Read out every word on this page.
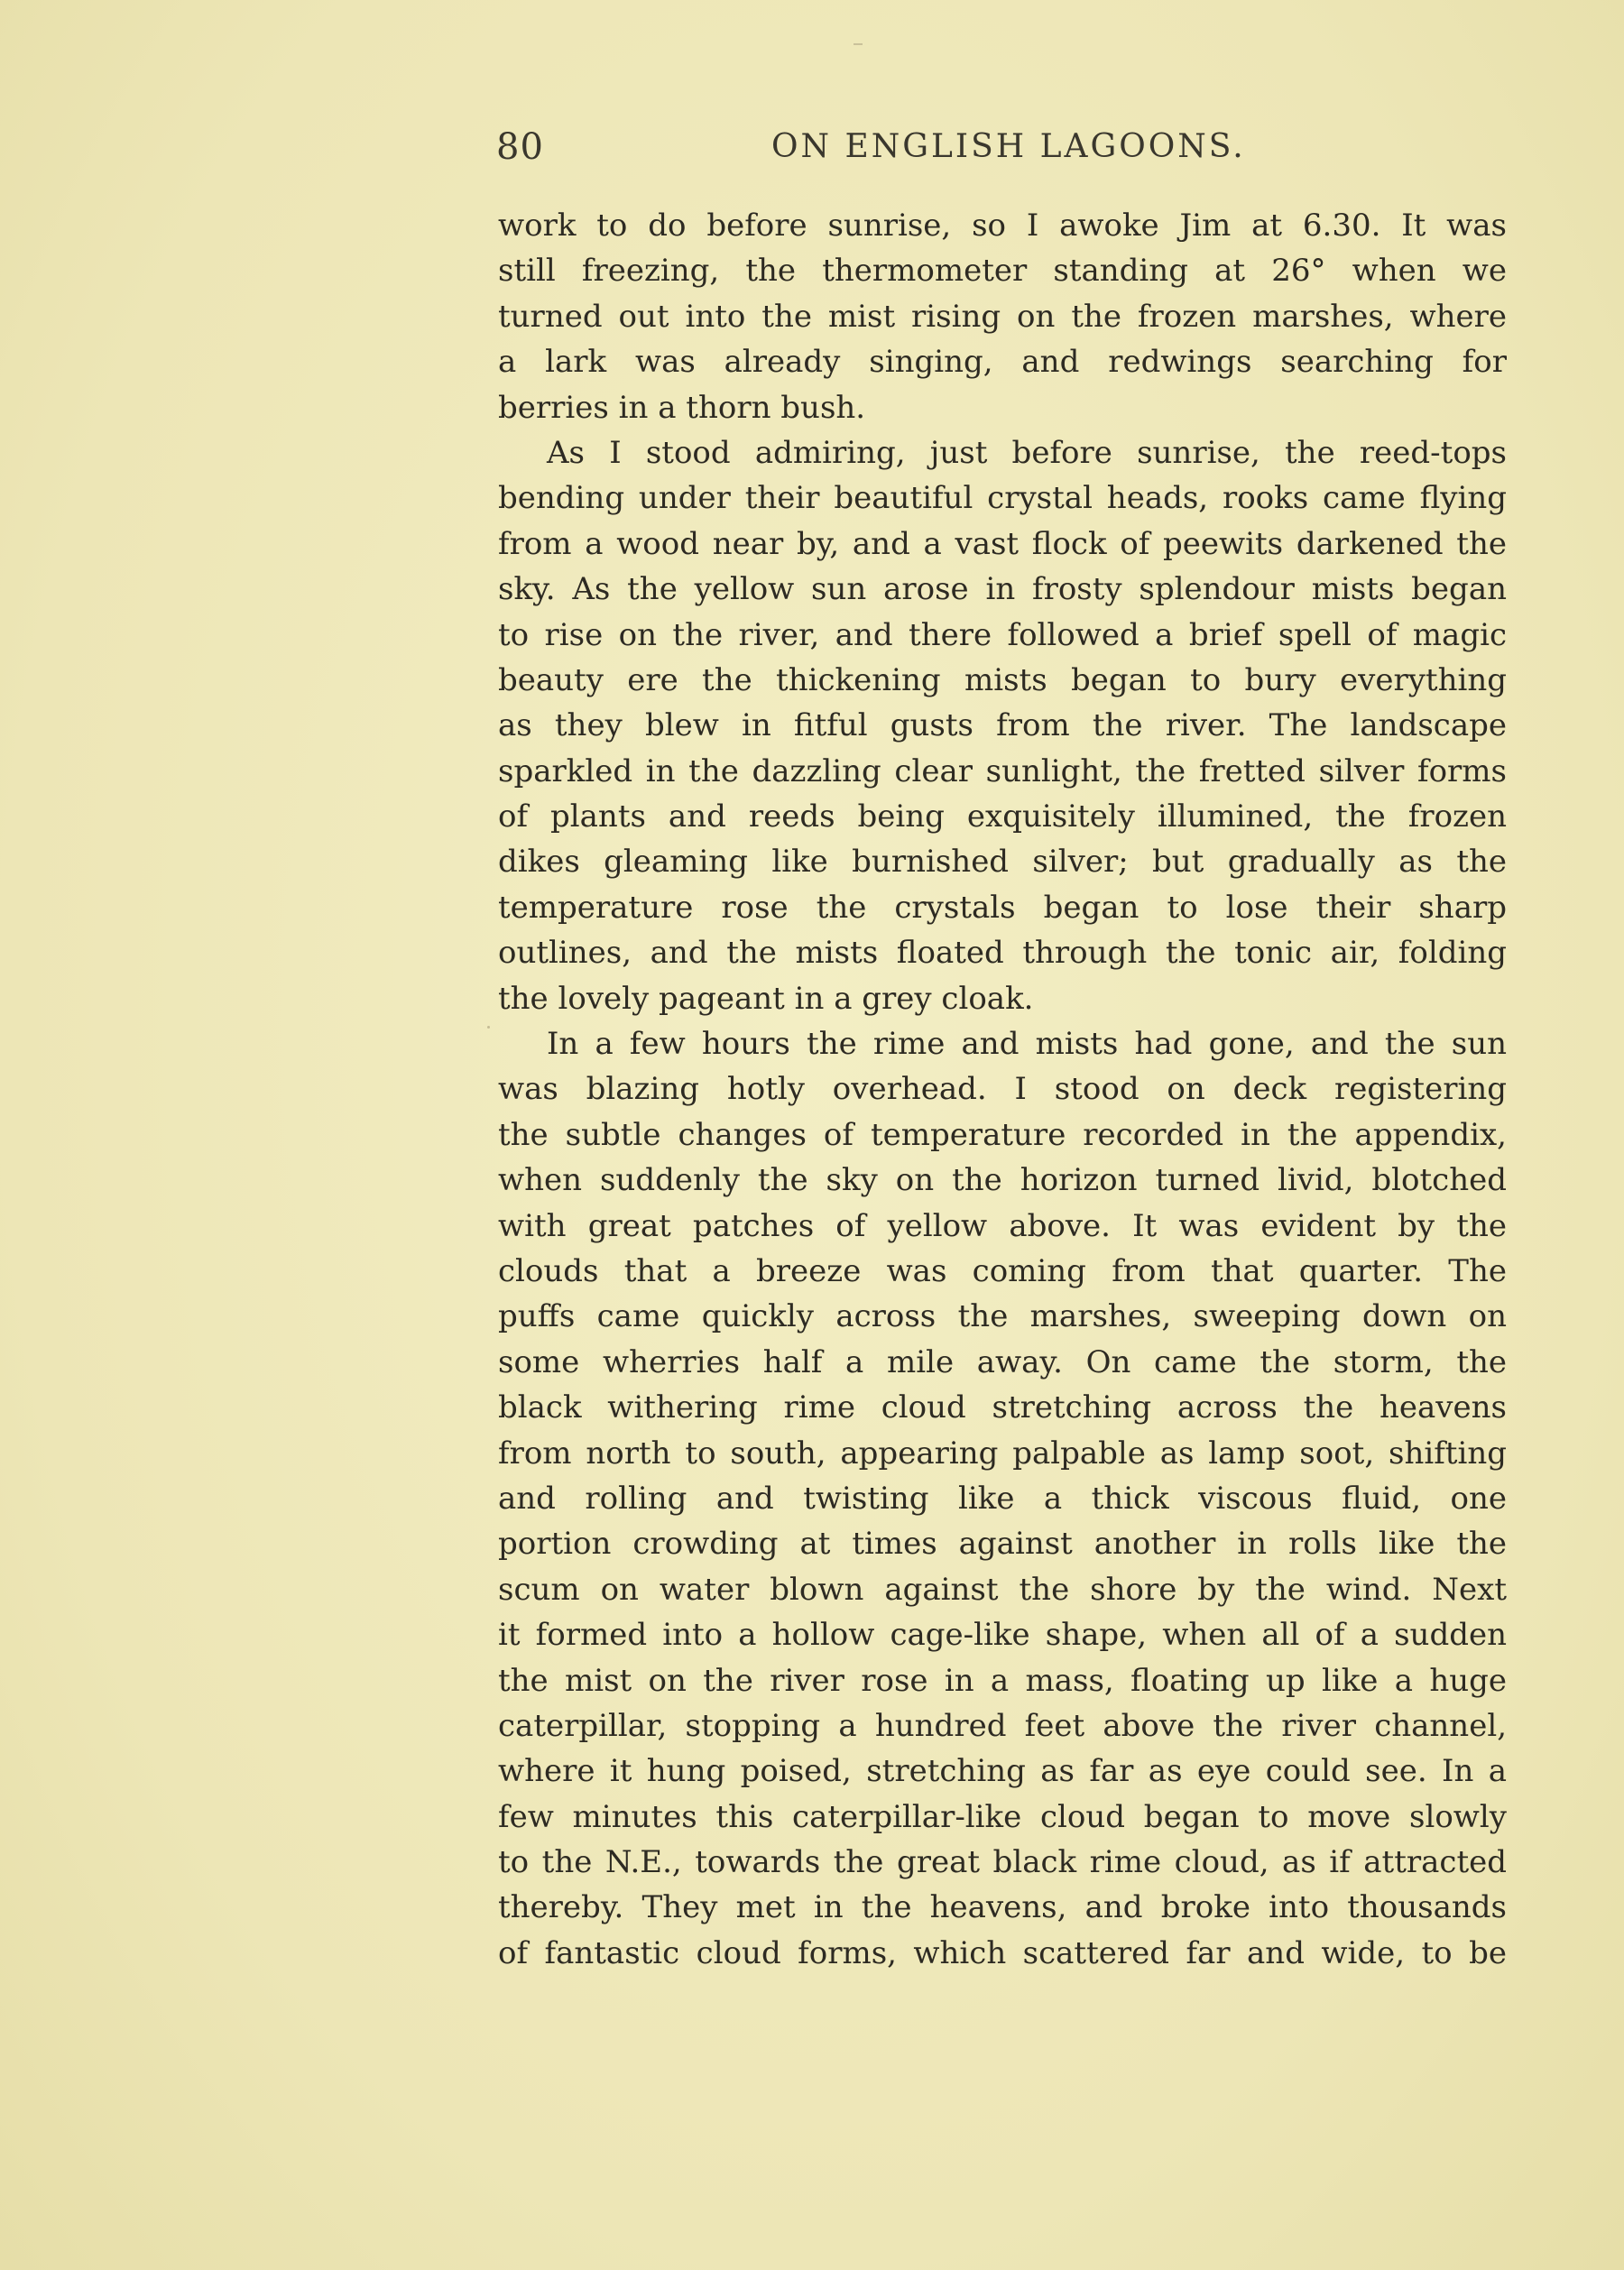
80	ON ENGLISH LAGOONS.
work to do before sunrise, so I awoke Jim at 6.30. It was
still freezing, the thermometer standing at 26° when we
turned out into the mist rising on the frozen marshes, where
a lark was already singing, and redwings searching for
berries in a thorn bush.
As I stood admiring, just before sunrise, the reed-tops
bending under their beautiful crystal heads, rooks came flying
from a wood near by, and a vast flock of peewits darkened the
sky. As the yellow sun arose in frosty splendour mists began
to rise on the river, and there followed a brief spell of magic
beauty ere the thickening mists began to bury everything
as they blew in fitful gusts from the river. The landscape
sparkled in the dazzling clear sunlight, the fretted silver forms
of plants and reeds being exquisitely illumined, the frozen
dikes gleaming like burnished silver; but gradually as the
temperature rose the crystals began to lose their sharp
outlines, and the mists floated through the tonic air, folding
the lovely pageant in a grey cloak.
In a few hours the rime and mists had gone, and the sun
was blazing hotly overhead. I stood on deck registering
the subtle changes of temperature recorded in the appendix,
when suddenly the sky on the horizon turned livid, blotched
with great patches of yellow above. It was evident by the
clouds that a breeze was coming from that quarter. The
puffs came quickly across the marshes, sweeping down on
some wherries half a mile away. On came the storm, the
black withering rime cloud stretching across the heavens
from north to south, appearing palpable as lamp soot, shifting
and rolling and twisting like a thick viscous fluid, one
portion crowding at times against another in rolls like the
scum on water blown against the shore by the wind. Next
it formed into a hollow cage-like shape, when all of a sudden
the mist on the river rose in a mass, floating up like a huge
caterpillar, stopping a hundred feet above the river channel,
where it hung poised, stretching as far as eye could see. In a
few minutes this caterpillar-like cloud began to move slowly
to the N.E., towards the great black rime cloud, as if attracted
thereby. They met in the heavens, and broke into thousands
of fantastic cloud forms, which scattered far and wide, to be
